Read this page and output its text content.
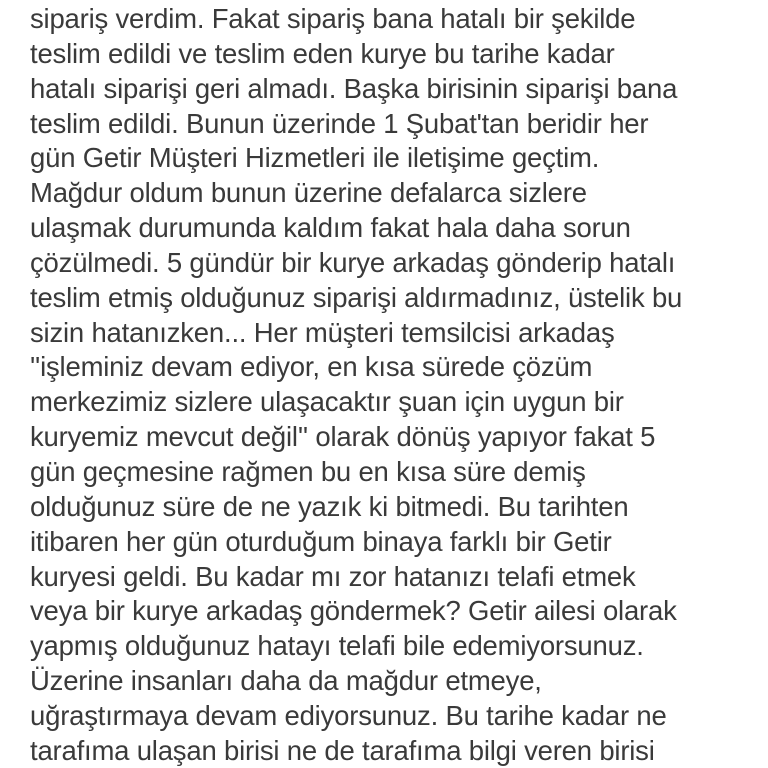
sipariş verdim. Fakat sipariş bana hatalı bir şekilde
teslim edildi ve teslim eden kurye bu tarihe kadar
hatalı siparişi geri almadı. Başka birisinin siparişi bana
teslim edildi. Bunun üzerinde 1 Şubat'tan beridir her
gün Getir Müşteri Hizmetleri ile iletişime geçtim.
Mağdur oldum bunun üzerine defalarca sizlere
ulaşmak durumunda kaldım fakat hala daha sorun
çözülmedi. 5 gündür bir kurye arkadaş gönderip hatalı
teslim etmiş olduğunuz siparişi aldırmadınız, üstelik bu
sizin hatanızken... Her müşteri temsilcisi arkadaş
''işleminiz devam ediyor, en kısa sürede çözüm
merkezimiz sizlere ulaşacaktır şuan için uygun bir
kuryemiz mevcut değil'' olarak dönüş yapıyor fakat 5
gün geçmesine rağmen bu en kısa süre demiş
olduğunuz süre de ne yazık ki bitmedi. Bu tarihten
itibaren her gün oturduğum binaya farklı bir Getir
kuryesi geldi. Bu kadar mı zor hatanızı telafi etmek
veya bir kurye arkadaş göndermek? Getir ailesi olarak
yapmış olduğunuz hatayı telafi bile edemiyorsunuz.
Üzerine insanları daha da mağdur etmeye,
uğraştırmaya devam ediyorsunuz. Bu tarihe kadar ne
tarafıma ulaşan birisi ne de tarafıma bilgi veren birisi
